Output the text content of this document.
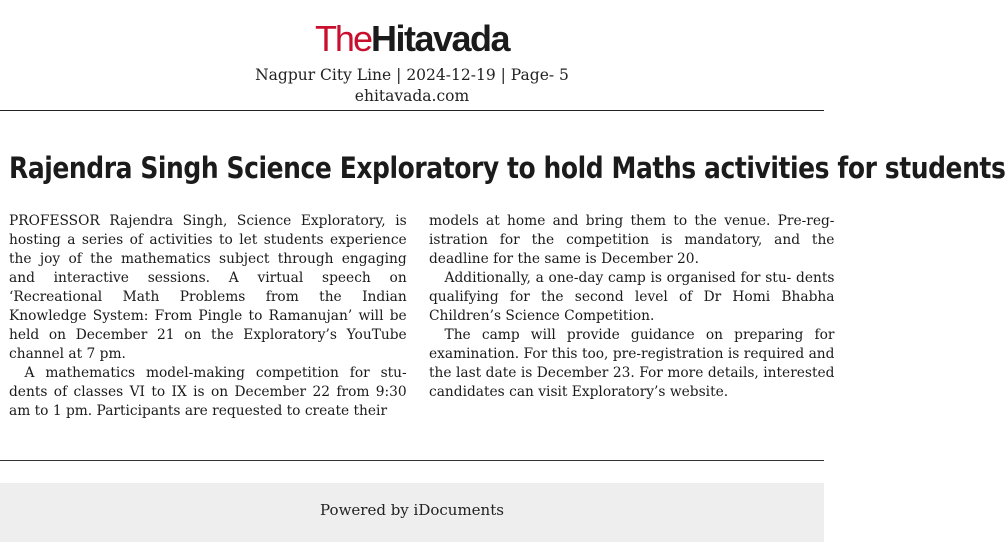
TheHitavada
Nagpur City Line | 2024-12-19 | Page- 5
ehitavada.com
Rajendra Singh Science Exploratory to hold Maths activities for students

PROFESSOR Rajendra Singh, Science Exploratory, is hosting a series of activities to let students experience the joy of the mathematics subject through engaging and interactive sessions. A virtual speech on ‘Recreational Math Problems from the Indian Knowledge System: From Pingle to Ramanujan’ will be held on December 21 on the Exploratory’s YouTube channel at 7 pm.

A mathematics model-making competition for stu- dents of classes VI to IX is on December 22 from 9:30 am to 1 pm. Participants are requested to create their

models at home and bring them to the venue. Pre-reg- istration for the competition is mandatory, and the deadline for the same is December 20.

Additionally, a one-day camp is organised for stu- dents qualifying for the second level of Dr Homi Bhabha Children’s Science Competition.

The camp will provide guidance on preparing for examination. For this too, pre-registration is required and the last date is December 23. For more details, interested candidates can visit Exploratory’s website.

Powered by iDocuments
